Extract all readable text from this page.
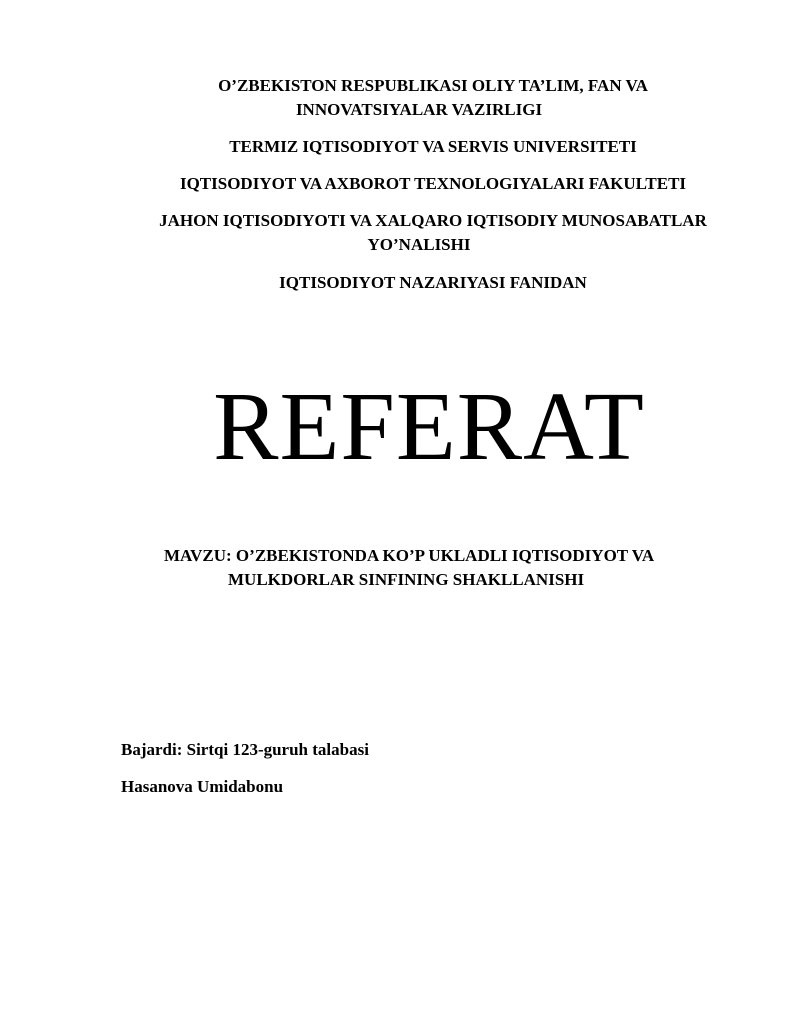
O’ZBEKISTON RESPUBLIKASI OLIY TA’LIM, FAN VA
INNOVATSIYALAR VAZIRLIGI
TERMIZ IQTISODIYOT VA SERVIS UNIVERSITETI
IQTISODIYOT VA AXBOROT TEXNOLOGIYALARI FAKULTETI
JAHON IQTISODIYOTI VA XALQARO IQTISODIY MUNOSABATLAR
YO’NALISHI
IQTISODIYOT NAZARIYASI FANIDAN
REFERAT
MAVZU: O’ZBEKISTONDA KO’P UKLADLI IQTISODIYOT VA
MULKDORLAR SINFINING SHAKLLANISHI
Bajardi: Sirtqi 123-guruh talabasi
Hasanova Umidabonu
